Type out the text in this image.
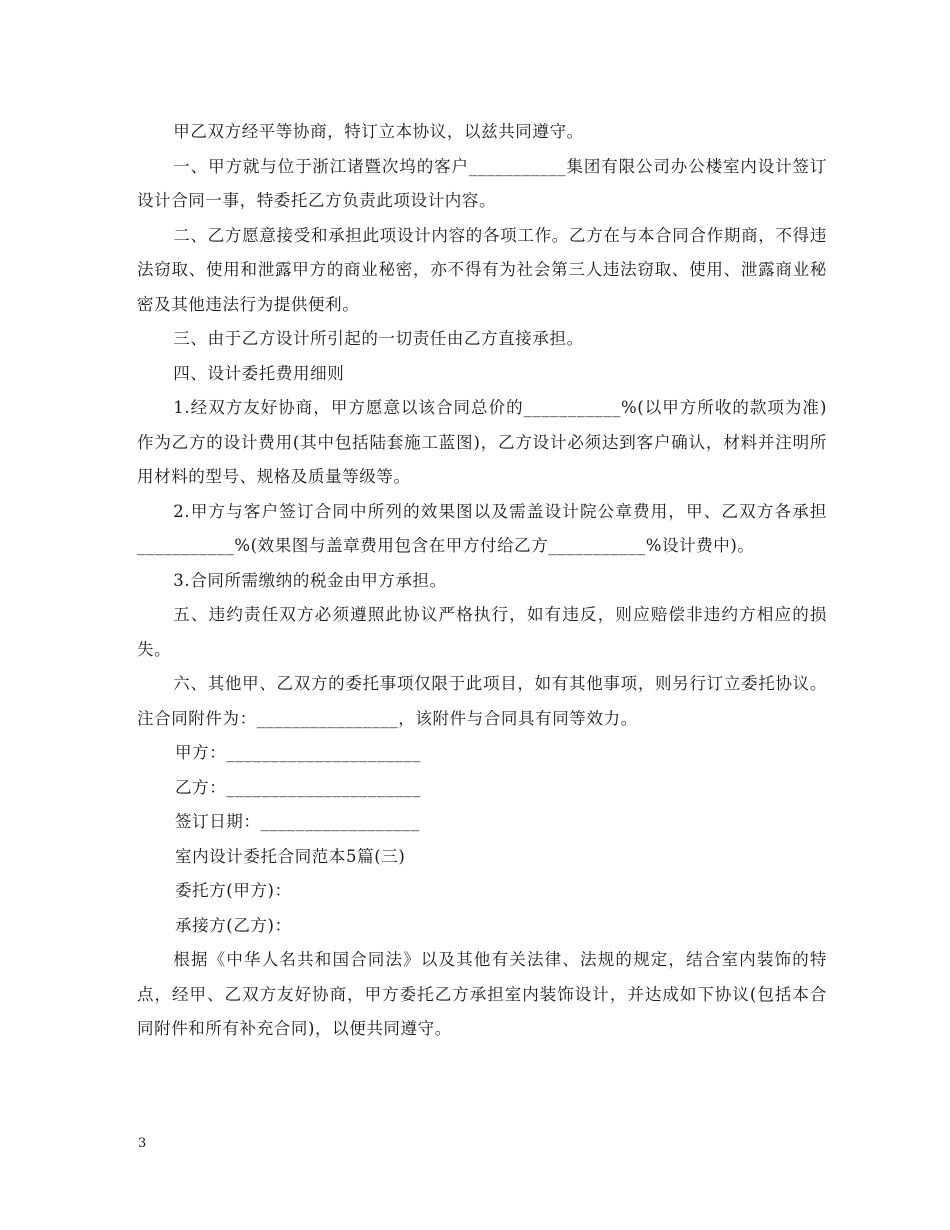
甲乙双方经平等协商，特订立本协议，以兹共同遵守。

一、甲方就与位于浙江诸暨次坞的客户___________集团有限公司办公楼室内设计签订设计合同一事，特委托乙方负责此项设计内容。

二、乙方愿意接受和承担此项设计内容的各项工作。乙方在与本合同合作期商，不得违法窃取、使用和泄露甲方的商业秘密，亦不得有为社会第三人违法窃取、使用、泄露商业秘密及其他违法行为提供便利。

三、由于乙方设计所引起的一切责任由乙方直接承担。

四、设计委托费用细则

1.经双方友好协商，甲方愿意以该合同总价的___________%(以甲方所收的款项为准)作为乙方的设计费用(其中包括陆套施工蓝图)，乙方设计必须达到客户确认，材料并注明所用材料的型号、规格及质量等级等。

2.甲方与客户签订合同中所列的效果图以及需盖设计院公章费用，甲、乙双方各承担___________%(效果图与盖章费用包含在甲方付给乙方___________%设计费中)。

3.合同所需缴纳的税金由甲方承担。

五、违约责任双方必须遵照此协议严格执行，如有违反，则应赔偿非违约方相应的损失。

六、其他甲、乙双方的委托事项仅限于此项目，如有其他事项，则另行订立委托协议。注合同附件为：________________，该附件与合同具有同等效力。

甲方：______________________

乙方：______________________

签订日期：__________________

室内设计委托合同范本5篇(三)

委托方(甲方)：

承接方(乙方)：

根据《中华人名共和国合同法》以及其他有关法律、法规的规定，结合室内装饰的特点，经甲、乙双方友好协商，甲方委托乙方承担室内装饰设计，并达成如下协议(包括本合同附件和所有补充合同)，以便共同遵守。

3
